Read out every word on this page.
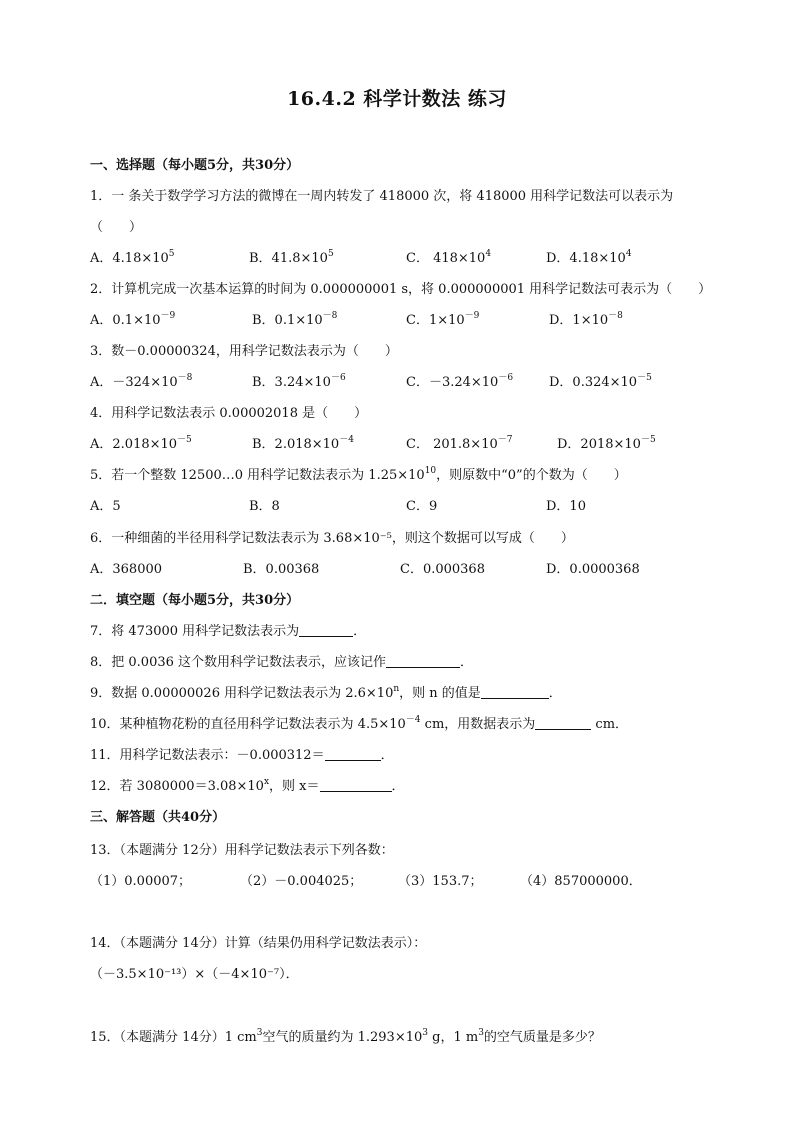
16.4.2 科学计数法 练习
一、选择题（每小题5分，共30分）
1．一 条关于数学学习方法的微博在一周内转发了 418000 次，将 418000 用科学记数法可以表示为
（　　）
A．$4.18\times 10^5$	B．$41.8\times 10^5$	C． $418\times 10^4$	D．$4.18\times 10^4$
2．计算机完成一次基本运算的时间为 0.000000001 s，将 0.000000001 用科学记数法可表示为（　　）
A．$0.1\times 10^{-9}$	B．$0.1\times 10^{-8}$	C．$1\times 10^{-9}$	D．$1\times 10^{-8}$
3．数－0.00000324，用科学记数法表示为（　　）
A．$-324\times 10^{-8}$	B．$3.24\times 10^{-6}$	C．$-3.24\times 10^{-6}$	D．$0.324\times 10^{-5}$
4．用科学记数法表示 0.00002018 是（　　）
A．$2.018\times 10^{-5}$	B．$2.018\times 10^{-4}$	C． $201.8\times 10^{-7}$	D．$2018\times 10^{-5}$
5．若一个整数 12500…0 用科学记数法表示为 $1.25\times 10^{10}$，则原数中“0”的个数为（　　）
A．5	B．8	C．9	D．10
6．一种细菌的半径用科学记数法表示为 3.68×10⁻⁵，则这个数据可以写成（　　）
A．368000	B．0.00368	C．0.000368	D．0.0000368
二．填空题（每小题5分，共30分）
7．将 473000 用科学记数法表示为	．
8．把 0.0036 这个数用科学记数法表示，应该记作	．
9．数据 0.00000026 用科学记数法表示为 $2.6\times 10^n$，则 n 的值是	．
10．某种植物花粉的直径用科学记数法表示为 $4.5\times 10^{-4}$ cm，用数据表示为	cm．
11．用科学记数法表示：－0.000312＝	．
12．若 $3080000=3.08\times 10^x$，则 x＝	．
三、解答题（共40分）
13．（本题满分 12分）用科学记数法表示下列各数：
（1）0.00007；	（2）－0.004025；	（3）153.7；	（4）857000000．
14．（本题满分 14分）计算（结果仍用科学记数法表示）：
（－3.5×10⁻¹³）×（－4×10⁻⁷）．
15．（本题满分 14分）1 $cm^3$空气的质量约为 $1.293\times 10^3$ g，1 $m^3$的空气质量是多少？
